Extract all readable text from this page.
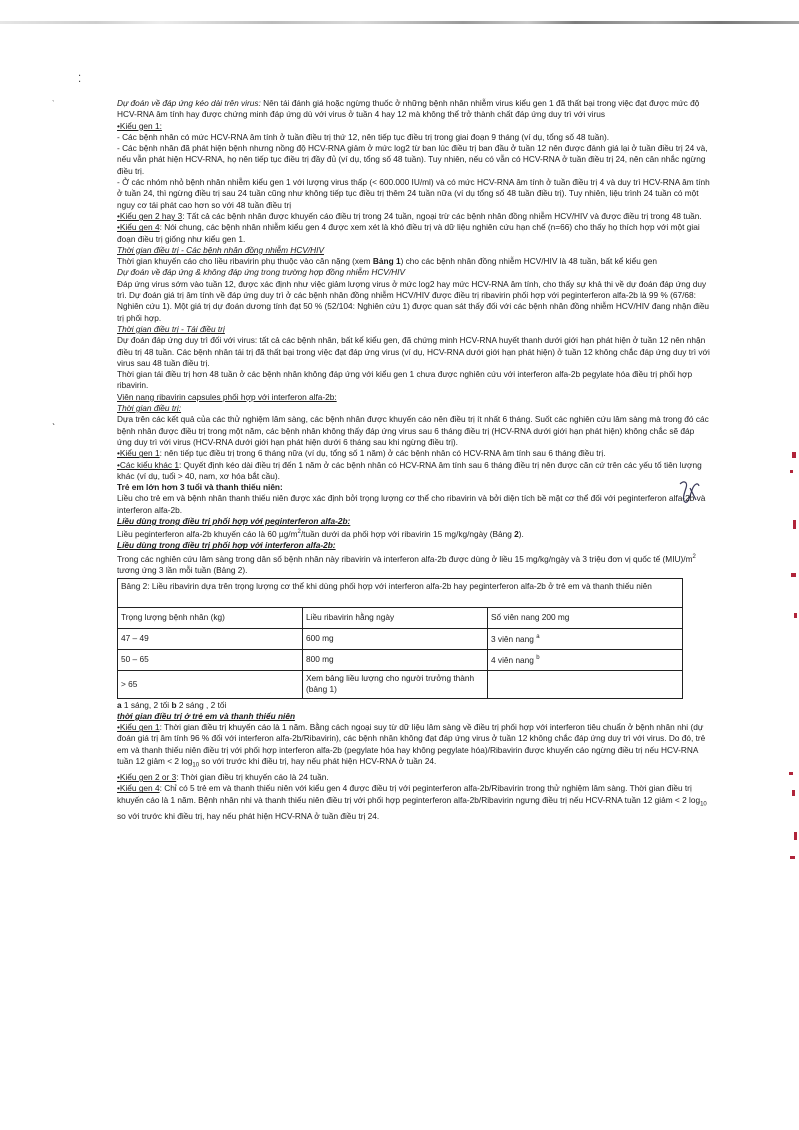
⁚
ˎ
ˋ

Dự đoán về đáp ứng kéo dài trên virus: Nên tái đánh giá hoặc ngừng thuốc ở những bệnh nhân nhiễm virus kiểu gen 1 đã thất bại trong việc đạt được mức độ HCV-RNA âm tính hay được chứng minh đáp ứng dù với virus ở tuần 4 hay 12 mà không thể trở thành chất đáp ứng duy trì với virus

•Kiểu gen 1:

- Các bệnh nhân có mức HCV-RNA âm tính ở tuần điều trị thứ 12, nên tiếp tục điều trị trong giai đoạn 9 tháng (ví dụ, tổng số 48 tuần).

- Các bệnh nhân đã phát hiện bệnh nhưng nồng độ HCV-RNA giảm ở mức log2 từ ban lúc điều trị ban đầu ở tuần 12 nên được đánh giá lại ở tuần điều trị 24 và, nếu vẫn phát hiện HCV-RNA, họ nên tiếp tục điều trị đầy đủ (ví dụ, tổng số 48 tuần). Tuy nhiên, nếu có vẫn có HCV-RNA ở tuần điều trị 24, nên cân nhắc ngừng điều trị.

- Ở các nhóm nhỏ bệnh nhân nhiễm kiểu gen 1 với lượng virus thấp (< 600.000 IU/ml) và có mức HCV-RNA âm tính ở tuần điều trị 4 và duy trì HCV-RNA âm tính ở tuần 24, thì ngừng điều trị sau 24 tuần cũng như không tiếp tục điều trị thêm 24 tuần nữa (ví dụ tổng số 48 tuần điều trị). Tuy nhiên, liệu trình 24 tuần có một nguy cơ tái phát cao hơn so với 48 tuần điều trị

•Kiểu gen 2 hay 3: Tất cả các bệnh nhân được khuyến cáo điều trị trong 24 tuần, ngoại trừ các bệnh nhân đồng nhiễm HCV/HIV và được điều trị trong 48 tuần.

•Kiểu gen 4: Nói chung, các bệnh nhân nhiễm kiểu gen 4 được xem xét là khó điều trị và dữ liệu nghiên cứu hạn chế (n=66) cho thấy họ thích hợp với một giai đoạn điều trị giống như kiểu gen 1.

Thời gian điều trị - Các bệnh nhân đồng nhiễm HCV/HIV

Thời gian khuyến cáo cho liều ribavirin phụ thuộc vào cân nặng (xem Bảng 1) cho các bệnh nhân đồng nhiễm HCV/HIV là 48 tuần, bất kể kiểu gen

Dự đoán về đáp ứng & không đáp ứng trong trường hợp đồng nhiễm HCV/HIV

Đáp ứng virus sớm vào tuần 12, được xác định như việc giảm lượng virus ở mức log2 hay mức HCV-RNA âm tính, cho thấy sự khả thi về dự đoán đáp ứng duy trì. Dự đoán giá trị âm tính về đáp ứng duy trì ở các bệnh nhân đồng nhiễm HCV/HIV được điều trị ribavirin phối hợp với peginterferon alfa-2b là 99 % (67/68: Nghiên cứu 1). Một giá trị dự đoán dương tính đạt 50 % (52/104: Nghiên cứu 1) được quan sát thấy đối với các bệnh nhân đồng nhiễm HCV/HIV đang nhận điều trị phối hợp.

Thời gian điều trị - Tái điều trị

Dự đoán đáp ứng duy trì đối với virus: tất cả các bệnh nhân, bất kể kiểu gen, đã chứng minh HCV-RNA huyết thanh dưới giới hạn phát hiện ở tuần 12 nên nhận điều trị 48 tuần. Các bệnh nhân tái trị đã thất bại trong việc đạt đáp ứng virus (ví dụ, HCV-RNA dưới giới hạn phát hiện) ở tuần 12 không chắc đáp ứng duy trì với virus sau 48 tuần điều trị.

Thời gian tái điều trị hơn 48 tuần ở các bệnh nhân không đáp ứng với kiểu gen 1 chưa được nghiên cứu với interferon alfa-2b pegylate hóa điều trị phối hợp ribavirin.

Viên nang ribavirin capsules phối hợp với interferon alfa-2b:

Thời gian điều trị:

Dựa trên các kết quả của các thử nghiệm lâm sàng, các bệnh nhân được khuyến cáo nên điều trị ít nhất 6 tháng. Suốt các nghiên cứu lâm sàng mà trong đó các bệnh nhân được điều trị trong một năm, các bệnh nhân không thấy đáp ứng virus sau 6 tháng điều trị (HCV-RNA dưới giới hạn phát hiện) không chắc sẽ đáp ứng duy trì với virus (HCV-RNA dưới giới hạn phát hiện dưới 6 tháng sau khi ngừng điều trị).

•Kiểu gen 1: nên tiếp tục điều trị trong 6 tháng nữa (ví dụ, tổng số 1 năm) ở các bệnh nhân có HCV-RNA âm tính sau 6 tháng điều trị.

•Các kiểu khác 1: Quyết định kéo dài điều trị đến 1 năm ở các bệnh nhân có HCV-RNA âm tính sau 6 tháng điều trị nên được căn cứ trên các yếu tố tiên lượng khác (ví dụ, tuổi > 40, nam, xơ hóa bắt cầu).

Trẻ em lớn hơn 3 tuổi và thanh thiếu niên:

Liều cho trẻ em và bệnh nhân thanh thiếu niên được xác định bởi trọng lượng cơ thể cho ribavirin và bởi diện tích bề mặt cơ thể đối với peginterferon alfa-2b và interferon alfa-2b.

Liều dùng trong điều trị phối hợp với peginterferon alfa-2b:

Liều peginterferon alfa-2b khuyến cáo là 60 $\mu g/m^2$/tuần dưới da phối hợp với ribavirin 15 mg/kg/ngày (Bảng 2).

Liều dùng trong điều trị phối hợp với interferon alfa-2b:

Trong các nghiên cứu lâm sàng trong dân số bệnh nhân này ribavirin và interferon alfa-2b được dùng ở liều 15 mg/kg/ngày và 3 triệu đơn vị quốc tế $(MIU)/m^2$ tương ứng 3 lần mỗi tuần (Bảng 2).

Bảng 2: Liều ribavirin dựa trên trọng lượng cơ thể khi dùng phối hợp với interferon alfa-2b hay peginterferon alfa-2b ở trẻ em và thanh thiếu niên		
Trọng lượng bệnh nhân (kg)	Liều ribavirin hằng ngày	Số viên nang 200 mg
47 – 49	600 mg	3 viên nang $^a$
50 – 65	800 mg	4 viên nang $^b$
> 65	Xem bảng liều lượng cho người trưởng thành (bảng 1)	

a 1 sáng, 2 tối b 2 sáng , 2 tối

thời gian điều trị ở trẻ em và thanh thiếu niên

•Kiểu gen 1: Thời gian điều trị khuyến cáo là 1 năm. Bằng cách ngoại suy từ dữ liệu lâm sàng về điều trị phối hợp với interferon tiêu chuẩn ở bệnh nhân nhi (dự đoán giá trị âm tính 96 % đối với interferon alfa-2b/Ribavirin), các bệnh nhân không đạt đáp ứng virus ở tuần 12 không chắc đáp ứng duy trì với virus. Do đó, trẻ em và thanh thiếu niên điều trị với phối hợp interferon alfa-2b (pegylate hóa hay không pegylate hóa)/Ribavirin được khuyến cáo ngừng điều trị nếu HCV-RNA tuần 12 giảm < 2 $\log_{10}$ so với trước khi điều trị, hay nếu phát hiện HCV-RNA ở tuần 24.

•Kiểu gen 2 or 3: Thời gian điều trị khuyến cáo là 24 tuần.

•Kiểu gen 4: Chỉ có 5 trẻ em và thanh thiếu niên với kiểu gen 4 được điều trị với peginterferon alfa-2b/Ribavirin trong thử nghiệm lâm sàng. Thời gian điều trị khuyến cáo là 1 năm. Bệnh nhân nhi và thanh thiếu niên điều trị với phối hợp peginterferon alfa-2b/Ribavirin ngưng điều trị nếu HCV-RNA tuần 12 giảm < 2 $\log_{10}$ so với trước khi điều trị, hay nếu phát hiện HCV-RNA ở tuần điều trị 24.
